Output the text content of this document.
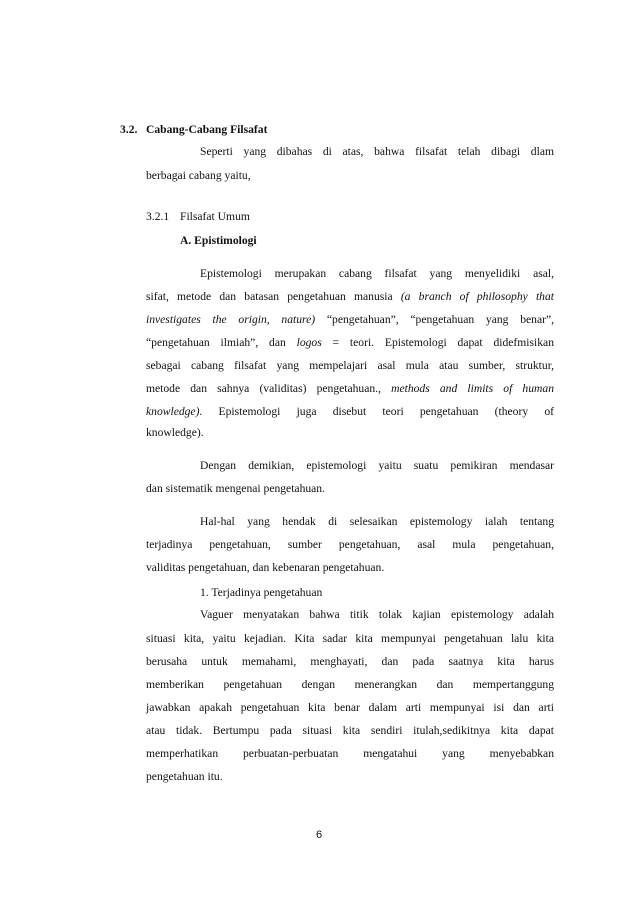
3.2. Cabang-Cabang Filsafat
Seperti yang dibahas di atas, bahwa filsafat telah dibagi dlam
berbagai cabang yaitu,
3.2.1 Filsafat Umum
A. Epistimologi
Epistemologi merupakan cabang filsafat yang menyelidiki asal,
sifat, metode dan batasan pengetahuan manusia (a branch of philosophy that
investigates the origin, nature) “pengetahuan”, “pengetahuan yang benar”,
“pengetahuan ilmiah”, dan logos = teori. Epistemologi dapat didefmisikan
sebagai cabang filsafat yang mempelajari asal mula atau sumber, struktur,
metode dan sahnya (validitas) pengetahuan., methods and limits of human
knowledge). Epistemologi juga disebut teori pengetahuan (theory of
knowledge).
Dengan demikian, epistemologi yaitu suatu pemikiran mendasar
dan sistematik mengenai pengetahuan.
Hal-hal yang hendak di selesaikan epistemology ialah tentang
terjadinya pengetahuan, sumber pengetahuan, asal mula pengetahuan,
validitas pengetahuan, dan kebenaran pengetahuan.
1. Terjadinya pengetahuan
Vaguer menyatakan bahwa titik tolak kajian epistemology adalah
situasi kita, yaitu kejadian. Kita sadar kita mempunyai pengetahuan lalu kita
berusaha untuk memahami, menghayati, dan pada saatnya kita harus
memberikan pengetahuan dengan menerangkan dan mempertanggung
jawabkan apakah pengetahuan kita benar dalam arti mempunyai isi dan arti
atau tidak. Bertumpu pada situasi kita sendiri itulah,sedikitnya kita dapat
memperhatikan perbuatan-perbuatan mengatahui yang menyebabkan
pengetahuan itu.
6
